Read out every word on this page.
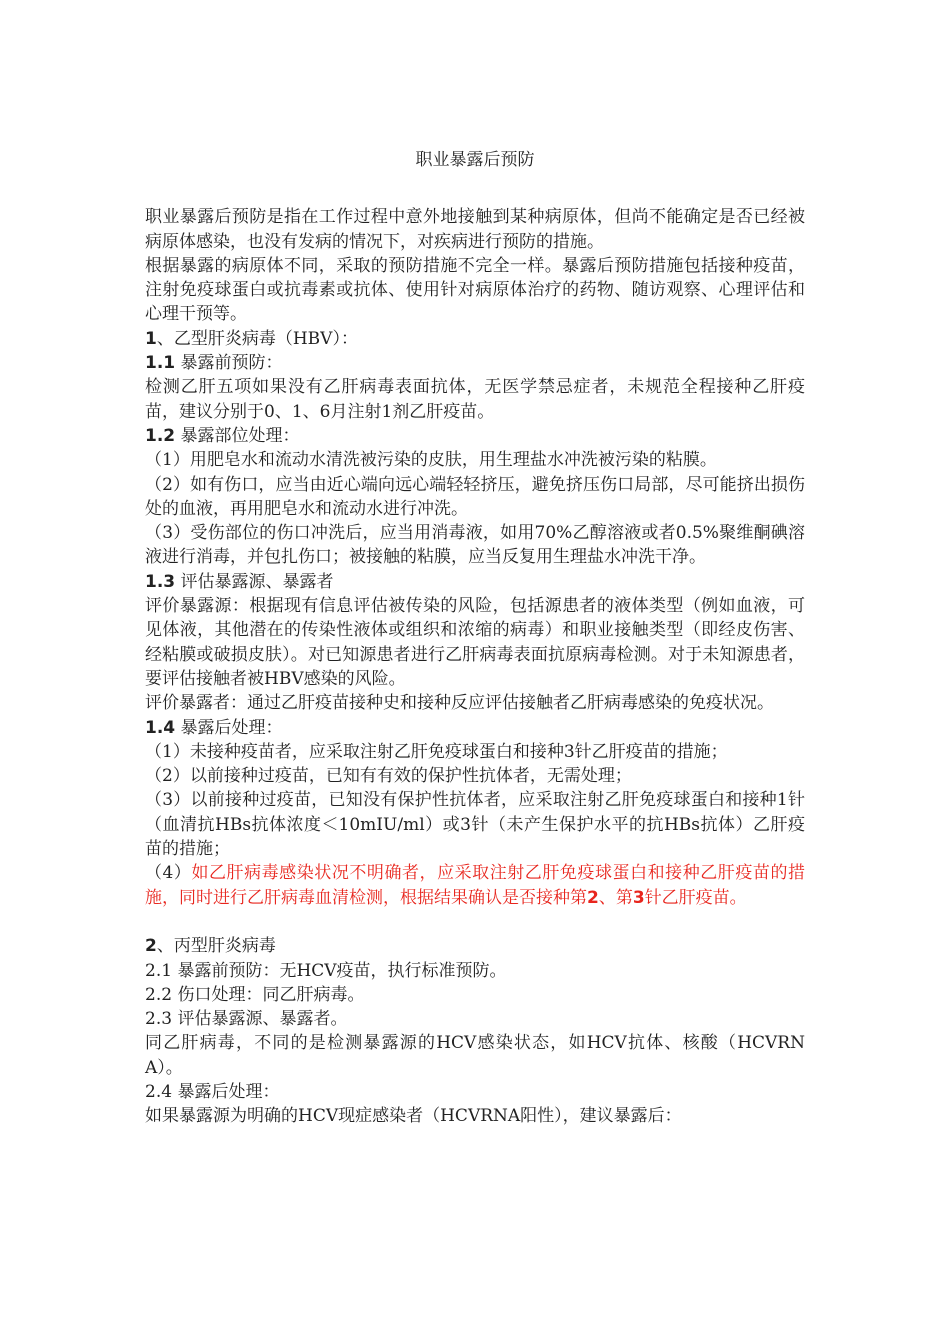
职业暴露后预防

职业暴露后预防是指在工作过程中意外地接触到某种病原体，但尚不能确定是否已经被病原体感染，也没有发病的情况下，对疾病进行预防的措施。

根据暴露的病原体不同，采取的预防措施不完全一样。暴露后预防措施包括接种疫苗，注射免疫球蛋白或抗毒素或抗体、使用针对病原体治疗的药物、随访观察、心理评估和心理干预等。

1、乙型肝炎病毒（HBV）：

1.1 暴露前预防：

检测乙肝五项如果没有乙肝病毒表面抗体，无医学禁忌症者，未规范全程接种乙肝疫苗，建议分别于0、1、6月注射1剂乙肝疫苗。

1.2 暴露部位处理：

（1）用肥皂水和流动水清洗被污染的皮肤，用生理盐水冲洗被污染的粘膜。

（2）如有伤口，应当由近心端向远心端轻轻挤压，避免挤压伤口局部，尽可能挤出损伤处的血液，再用肥皂水和流动水进行冲洗。

（3）受伤部位的伤口冲洗后，应当用消毒液，如用70%乙醇溶液或者0.5%聚维酮碘溶液进行消毒，并包扎伤口；被接触的粘膜，应当反复用生理盐水冲洗干净。

1.3 评估暴露源、暴露者

评价暴露源：根据现有信息评估被传染的风险，包括源患者的液体类型（例如血液，可见体液，其他潜在的传染性液体或组织和浓缩的病毒）和职业接触类型（即经皮伤害、经粘膜或破损皮肤）。对已知源患者进行乙肝病毒表面抗原病毒检测。对于未知源患者，要评估接触者被HBV感染的风险。

评价暴露者：通过乙肝疫苗接种史和接种反应评估接触者乙肝病毒感染的免疫状况。

1.4 暴露后处理：

（1）未接种疫苗者，应采取注射乙肝免疫球蛋白和接种3针乙肝疫苗的措施；

（2）以前接种过疫苗，已知有有效的保护性抗体者，无需处理；

（3）以前接种过疫苗，已知没有保护性抗体者，应采取注射乙肝免疫球蛋白和接种1针（血清抗HBs抗体浓度＜10mIU/ml）或3针（未产生保护水平的抗HBs抗体）乙肝疫苗的措施；

（4）如乙肝病毒感染状况不明确者，应采取注射乙肝免疫球蛋白和接种乙肝疫苗的措施，同时进行乙肝病毒血清检测，根据结果确认是否接种第2、第3针乙肝疫苗。

2、丙型肝炎病毒

2.1 暴露前预防：无HCV疫苗，执行标准预防。

2.2 伤口处理：同乙肝病毒。

2.3 评估暴露源、暴露者。

同乙肝病毒，不同的是检测暴露源的HCV感染状态，如HCV抗体、核酸（HCVRNA）。

2.4 暴露后处理：

如果暴露源为明确的HCV现症感染者（HCVRNA阳性），建议暴露后：
